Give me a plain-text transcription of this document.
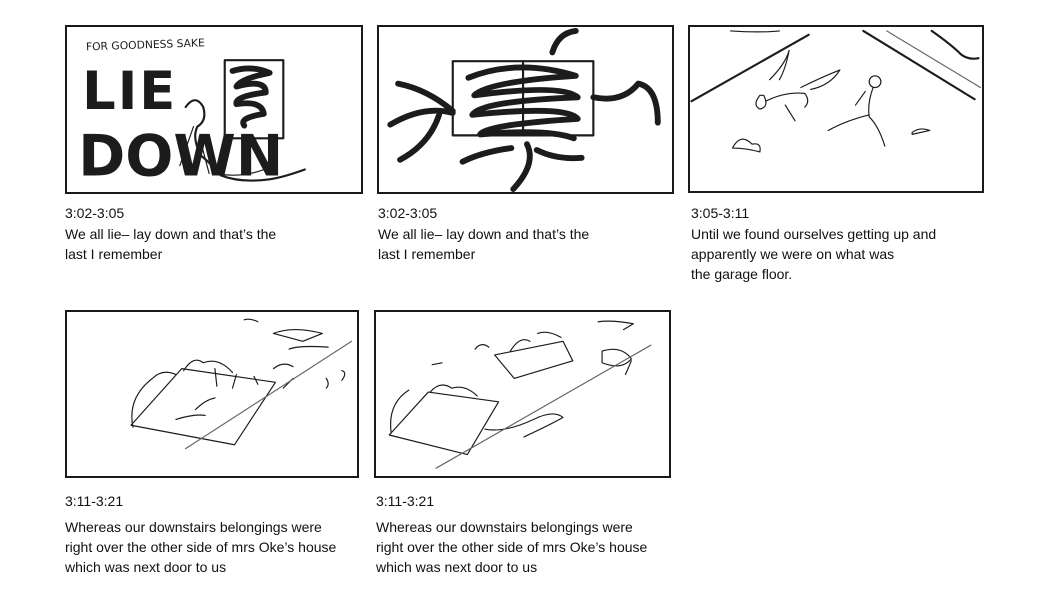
FOR GOODNESS SAKE
LIE
DOWN
3:02-3:05
We all lie– lay down and that’s the
last I remember
3:02-3:05
We all lie– lay down and that’s the
last I remember
3:05-3:11
Until we found ourselves getting up and
apparently we were on what was
the garage floor.
3:11-3:21
Whereas our downstairs belongings were
right over the other side of mrs Oke’s house
which was next door to us
3:11-3:21
Whereas our downstairs belongings were
right over the other side of mrs Oke’s house
which was next door to us
